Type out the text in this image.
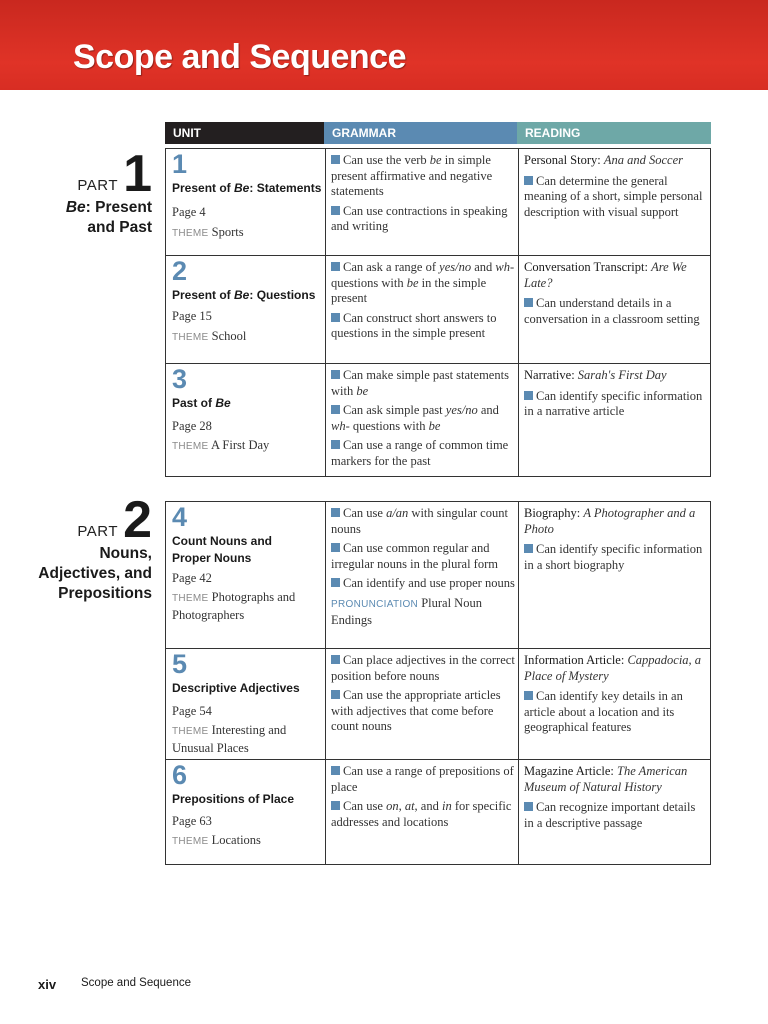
Scope and Sequence
UNIT	GRAMMAR	READING
PART 1
Be: Present
and Past
PART 2
Nouns,
Adjectives, and
Prepositions
1
Present of Be: Statements
Page 4
THEME Sports
Can use the verb be in simple present affirmative and negative statements
Can use contractions in speaking and writing
Personal Story: Ana and Soccer
Can determine the general meaning of a short, simple personal description with visual support
2
Present of Be: Questions
Page 15
THEME School
Can ask a range of yes/no and wh- questions with be in the simple present
Can construct short answers to questions in the simple present
Conversation Transcript: Are We Late?
Can understand details in a conversation in a classroom setting
3
Past of Be
Page 28
THEME A First Day
Can make simple past statements with be
Can ask simple past yes/no and wh- questions with be
Can use a range of common time markers for the past
Narrative: Sarah's First Day
Can identify specific information in a narrative article
4
Count Nouns and Proper Nouns
Page 42
THEME Photographs and Photographers
Can use a/an with singular count nouns
Can use common regular and irregular nouns in the plural form
Can identify and use proper nouns
PRONUNCIATION Plural Noun Endings
Biography: A Photographer and a Photo
Can identify specific information in a short biography
5
Descriptive Adjectives
Page 54
THEME Interesting and Unusual Places
Can place adjectives in the correct position before nouns
Can use the appropriate articles with adjectives that come before count nouns
Information Article: Cappadocia, a Place of Mystery
Can identify key details in an article about a location and its geographical features
6
Prepositions of Place
Page 63
THEME Locations
Can use a range of prepositions of place
Can use on, at, and in for specific addresses and locations
Magazine Article: The American Museum of Natural History
Can recognize important details in a descriptive passage
xiv Scope and Sequence
